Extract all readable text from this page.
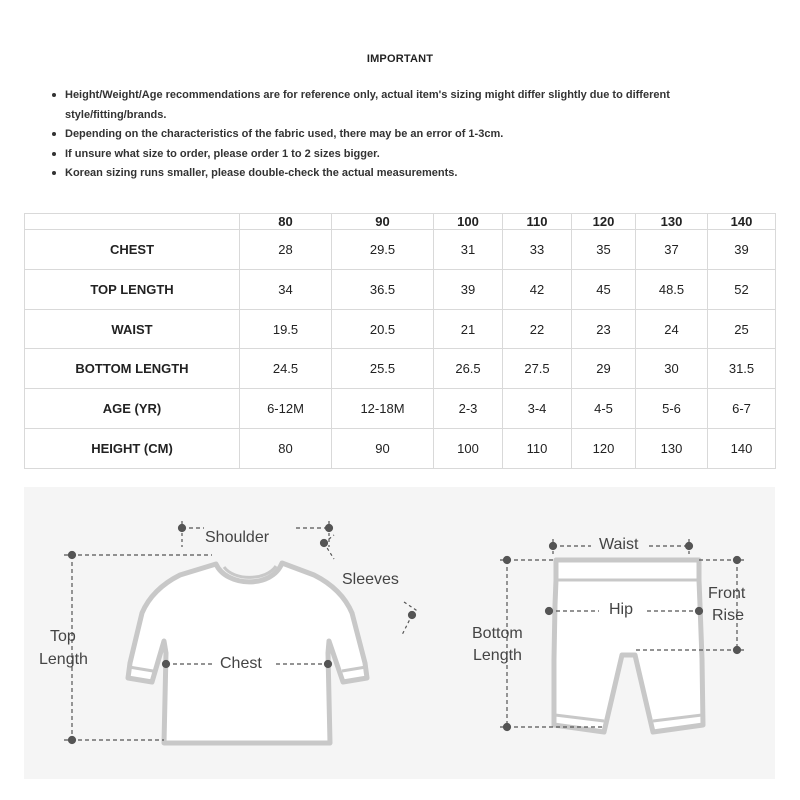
IMPORTANT
Height/Weight/Age recommendations are for reference only, actual item's sizing might differ slightly due to different
style/fitting/brands.
Depending on the characteristics of the fabric used, there may be an error of 1-3cm.
If unsure what size to order, please order 1 to 2 sizes bigger.
Korean sizing runs smaller, please double-check the actual measurements.
	80	90	100	110	120	130	140
CHEST	28	29.5	31	33	35	37	39
TOP LENGTH	34	36.5	39	42	45	48.5	52
WAIST	19.5	20.5	21	22	23	24	25
BOTTOM LENGTH	24.5	25.5	26.5	27.5	29	30	31.5
AGE (YR)	6-12M	12-18M	2-3	3-4	4-5	5-6	6-7
HEIGHT (CM)	80	90	100	110	120	130	140
Shoulder
Sleeves
Top
Length	Chest
Waist
Hip
Front
Rise
Bottom
Length
